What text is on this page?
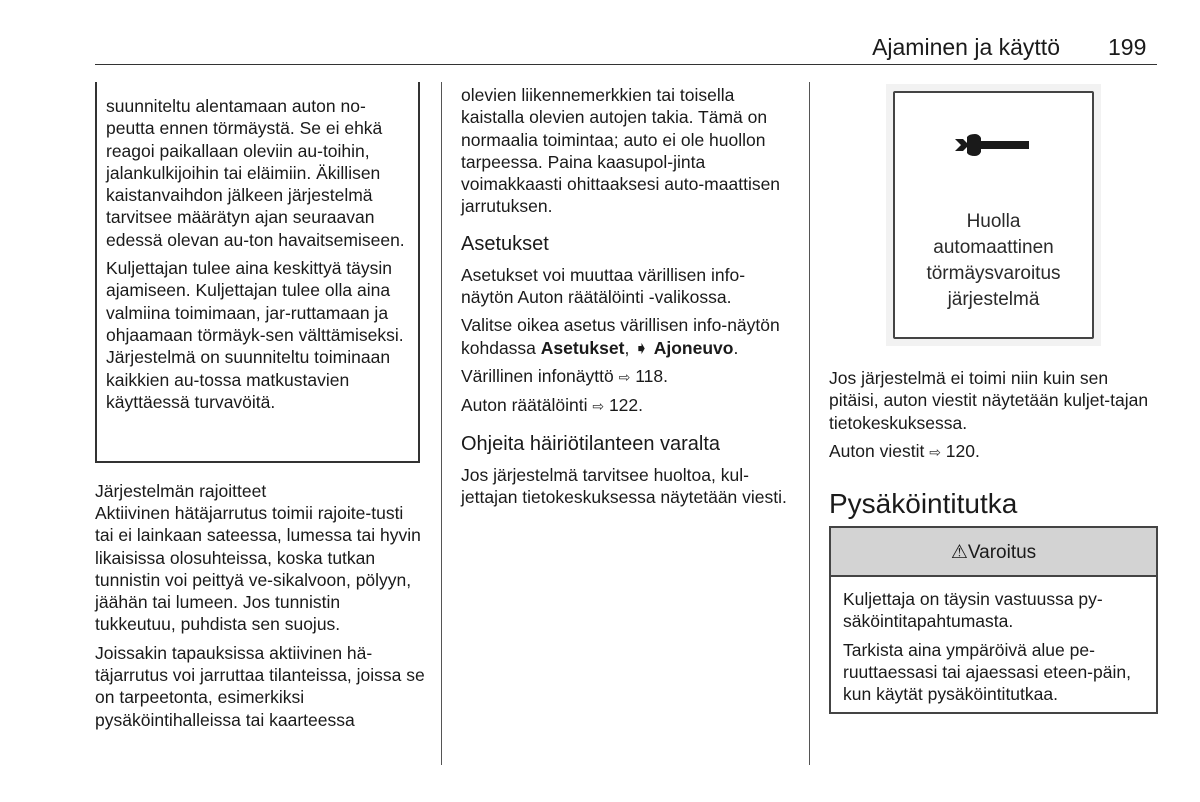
Ajaminen ja käyttö 199

suunniteltu alentamaan auton no-peutta ennen törmäystä. Se ei ehkä reagoi paikallaan oleviin au-toihin, jalankulkijoihin tai eläimiin. Äkillisen kaistanvaihdon jälkeen järjestelmä tarvitsee määrätyn ajan seuraavan edessä olevan au-ton havaitsemiseen.

Kuljettajan tulee aina keskittyä täysin ajamiseen. Kuljettajan tulee olla aina valmiina toimimaan, jar-ruttamaan ja ohjaamaan törmäyk-sen välttämiseksi. Järjestelmä on suunniteltu toiminaan kaikkien au-tossa matkustavien käyttäessä turvavöitä.

Järjestelmän rajoitteet

Aktiivinen hätäjarrutus toimii rajoite-tusti tai ei lainkaan sateessa, lumessa tai hyvin likaisissa olosuhteissa, koska tutkan tunnistin voi peittyä ve-sikalvoon, pölyyn, jäähän tai lumeen. Jos tunnistin tukkeutuu, puhdista sen suojus.

Joissakin tapauksissa aktiivinen hä-täjarrutus voi jarruttaa tilanteissa, joissa se on tarpeetonta, esimerkiksi pysäköintihalleissa tai kaarteessa

olevien liikennemerkkien tai toisella kaistalla olevien autojen takia. Tämä on normaalia toimintaa; auto ei ole huollon tarpeessa. Paina kaasupol-jinta voimakkaasti ohittaaksesi auto-maattisen jarrutuksen.

Asetukset

Asetukset voi muuttaa värillisen info-näytön Auton räätälöinti -valikossa.

Valitse oikea asetus värillisen info-näytön kohdassa Asetukset, ➧ Ajoneuvo.

Värillinen infonäyttö ⇨ 118.

Auton räätälöinti ⇨ 122.

Ohjeita häiriötilanteen varalta

Jos järjestelmä tarvitsee huoltoa, kul-jettajan tietokeskuksessa näytetään viesti.

Huolla
automaattinen
törmäysvaroitus
järjestelmä

Jos järjestelmä ei toimi niin kuin sen pitäisi, auton viestit näytetään kuljet-tajan tietokeskuksessa.

Auton viestit ⇨ 120.

Pysäköintitutka
⚠Varoitus

Kuljettaja on täysin vastuussa py-säköintitapahtumasta.

Tarkista aina ympäröivä alue pe-ruuttaessasi tai ajaessasi eteen-päin, kun käytät pysäköintitutkaa.
